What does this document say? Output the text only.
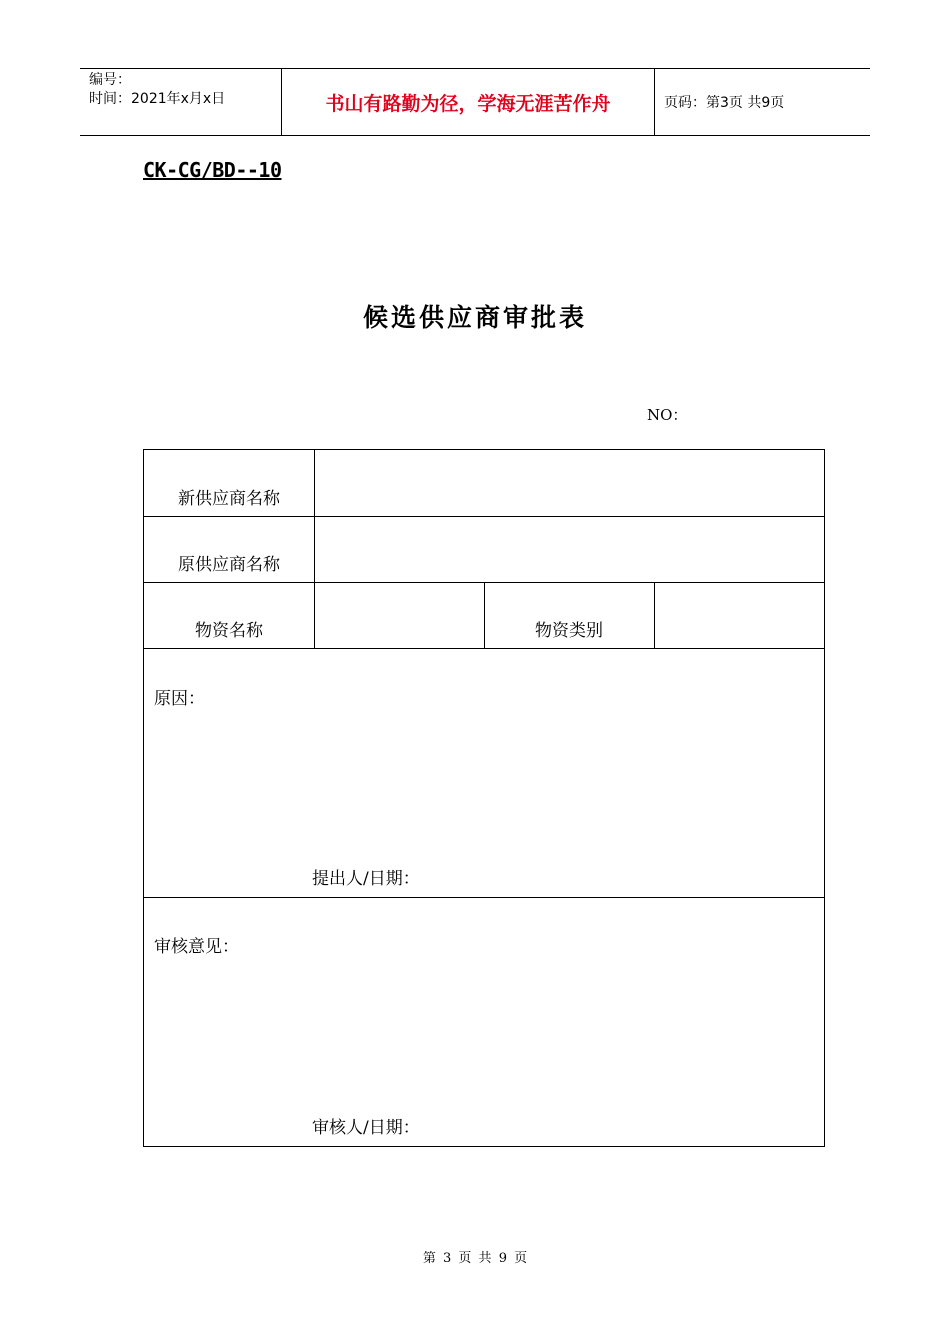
编号：
时间：2021年x月x日	书山有路勤为径，学海无涯苦作舟	页码：第3页 共9页
CK-CG/BD--10
候选供应商审批表
NO：
新供应商名称
原供应商名称
物资名称	物资类别
原因：
提出人/日期：
审核意见：
审核人/日期：
第 3 页 共 9 页
